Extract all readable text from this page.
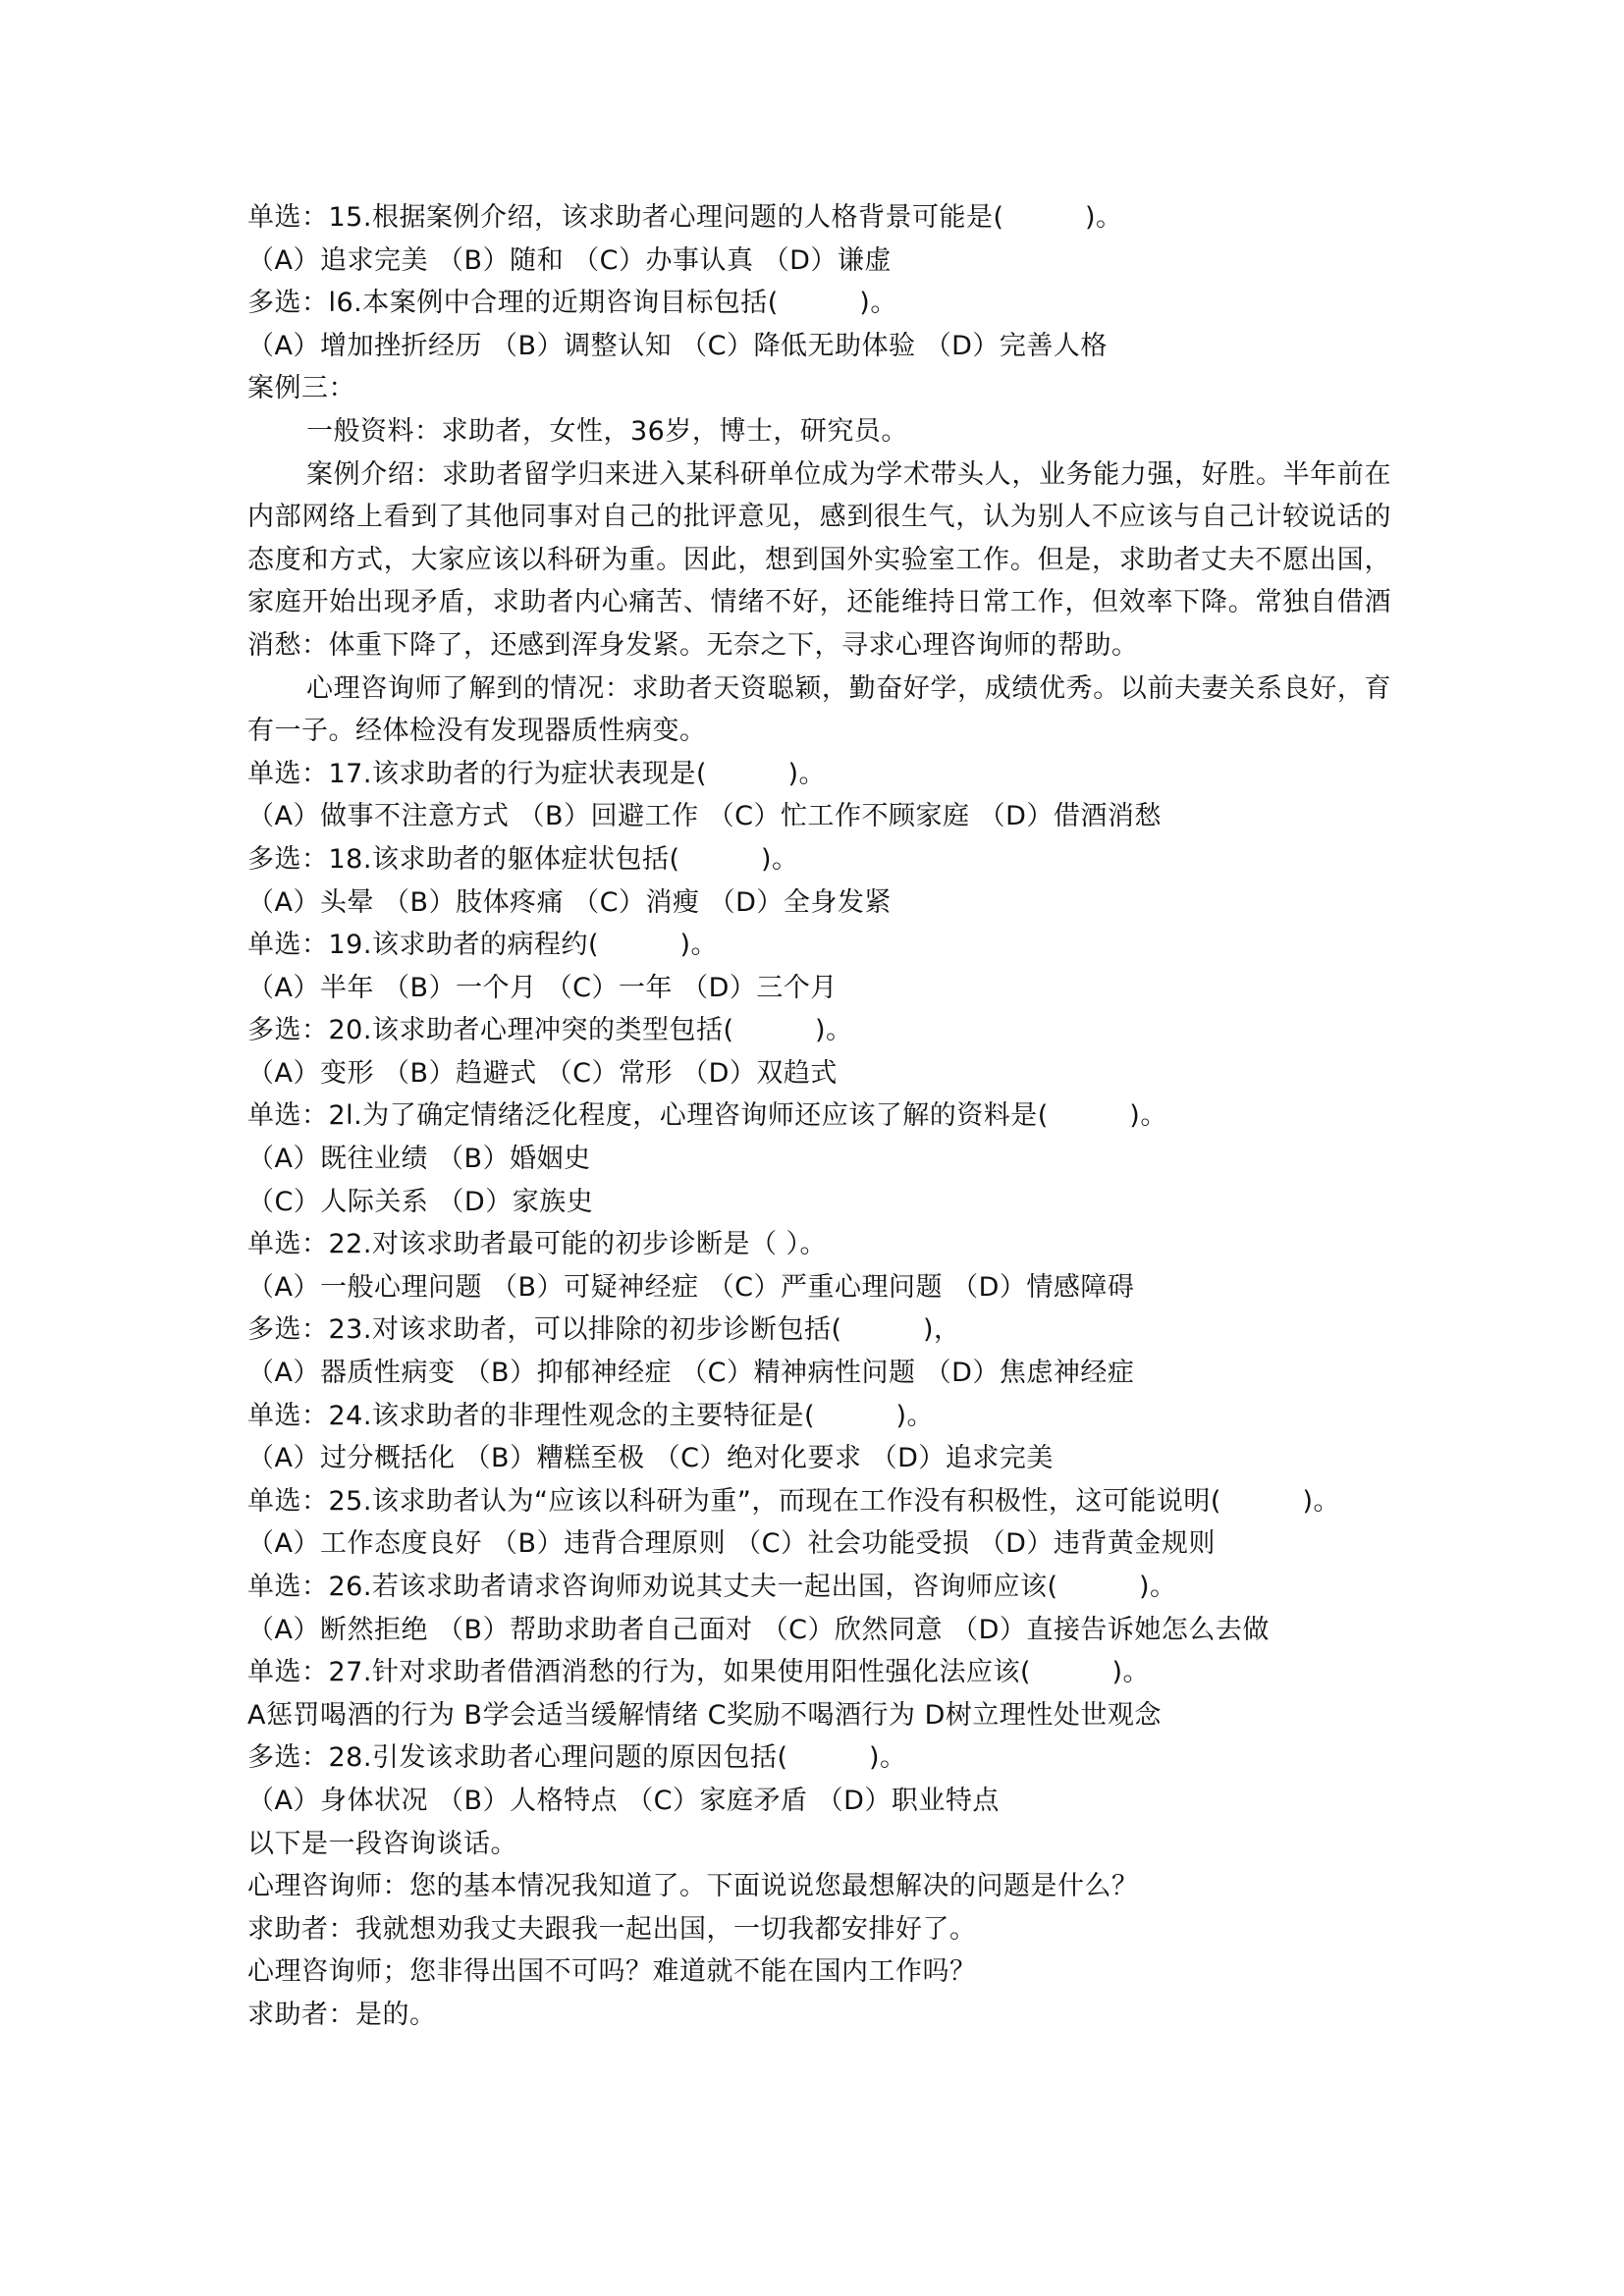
单选：15.根据案例介绍，该求助者心理问题的人格背景可能是(　　　)。
（A）追求完美 （B）随和 （C）办事认真 （D）谦虚
多选：l6.本案例中合理的近期咨询目标包括(　　　)。
（A）增加挫折经历 （B）调整认知 （C）降低无助体验 （D）完善人格
案例三：
一般资料：求助者，女性，36岁，博士，研究员。
案例介绍：求助者留学归来进入某科研单位成为学术带头人，业务能力强，好胜。半年前在内部网络上看到了其他同事对自己的批评意见，感到很生气，认为别人不应该与自己计较说话的态度和方式，大家应该以科研为重。因此，想到国外实验室工作。但是，求助者丈夫不愿出国，家庭开始出现矛盾，求助者内心痛苦、情绪不好，还能维持日常工作，但效率下降。常独自借酒消愁：体重下降了，还感到浑身发紧。无奈之下，寻求心理咨询师的帮助。
心理咨询师了解到的情况：求助者天资聪颖，勤奋好学，成绩优秀。以前夫妻关系良好，育有一子。经体检没有发现器质性病变。
单选：17.该求助者的行为症状表现是(　　　)。
（A）做事不注意方式 （B）回避工作 （C）忙工作不顾家庭 （D）借酒消愁
多选：18.该求助者的躯体症状包括(　　　)。
（A）头晕 （B）肢体疼痛 （C）消瘦 （D）全身发紧
单选：19.该求助者的病程约(　　　)。
（A）半年 （B）一个月 （C）一年 （D）三个月
多选：20.该求助者心理冲突的类型包括(　　　)。
（A）变形 （B）趋避式 （C）常形 （D）双趋式
单选：2l.为了确定情绪泛化程度，心理咨询师还应该了解的资料是(　　　)。
（A）既往业绩 （B）婚姻史
（C）人际关系 （D）家族史
单选：22.对该求助者最可能的初步诊断是（ ）。
（A）一般心理问题 （B）可疑神经症 （C）严重心理问题 （D）情感障碍
多选：23.对该求助者，可以排除的初步诊断包括(　　　)，
（A）器质性病变 （B）抑郁神经症 （C）精神病性问题 （D）焦虑神经症
单选：24.该求助者的非理性观念的主要特征是(　　　)。
（A）过分概括化 （B）糟糕至极 （C）绝对化要求 （D）追求完美
单选：25.该求助者认为“应该以科研为重”，而现在工作没有积极性，这可能说明(　　　)。
（A）工作态度良好 （B）违背合理原则 （C）社会功能受损 （D）违背黄金规则
单选：26.若该求助者请求咨询师劝说其丈夫一起出国，咨询师应该(　　　)。
（A）断然拒绝 （B）帮助求助者自己面对 （C）欣然同意 （D）直接告诉她怎么去做
单选：27.针对求助者借酒消愁的行为，如果使用阳性强化法应该(　　　)。
A惩罚喝酒的行为 B学会适当缓解情绪 C奖励不喝酒行为 D树立理性处世观念
多选：28.引发该求助者心理问题的原因包括(　　　)。
（A）身体状况 （B）人格特点 （C）家庭矛盾 （D）职业特点
以下是一段咨询谈话。
心理咨询师：您的基本情况我知道了。下面说说您最想解决的问题是什么？
求助者：我就想劝我丈夫跟我一起出国，一切我都安排好了。
心理咨询师；您非得出国不可吗？难道就不能在国内工作吗？
求助者：是的。
